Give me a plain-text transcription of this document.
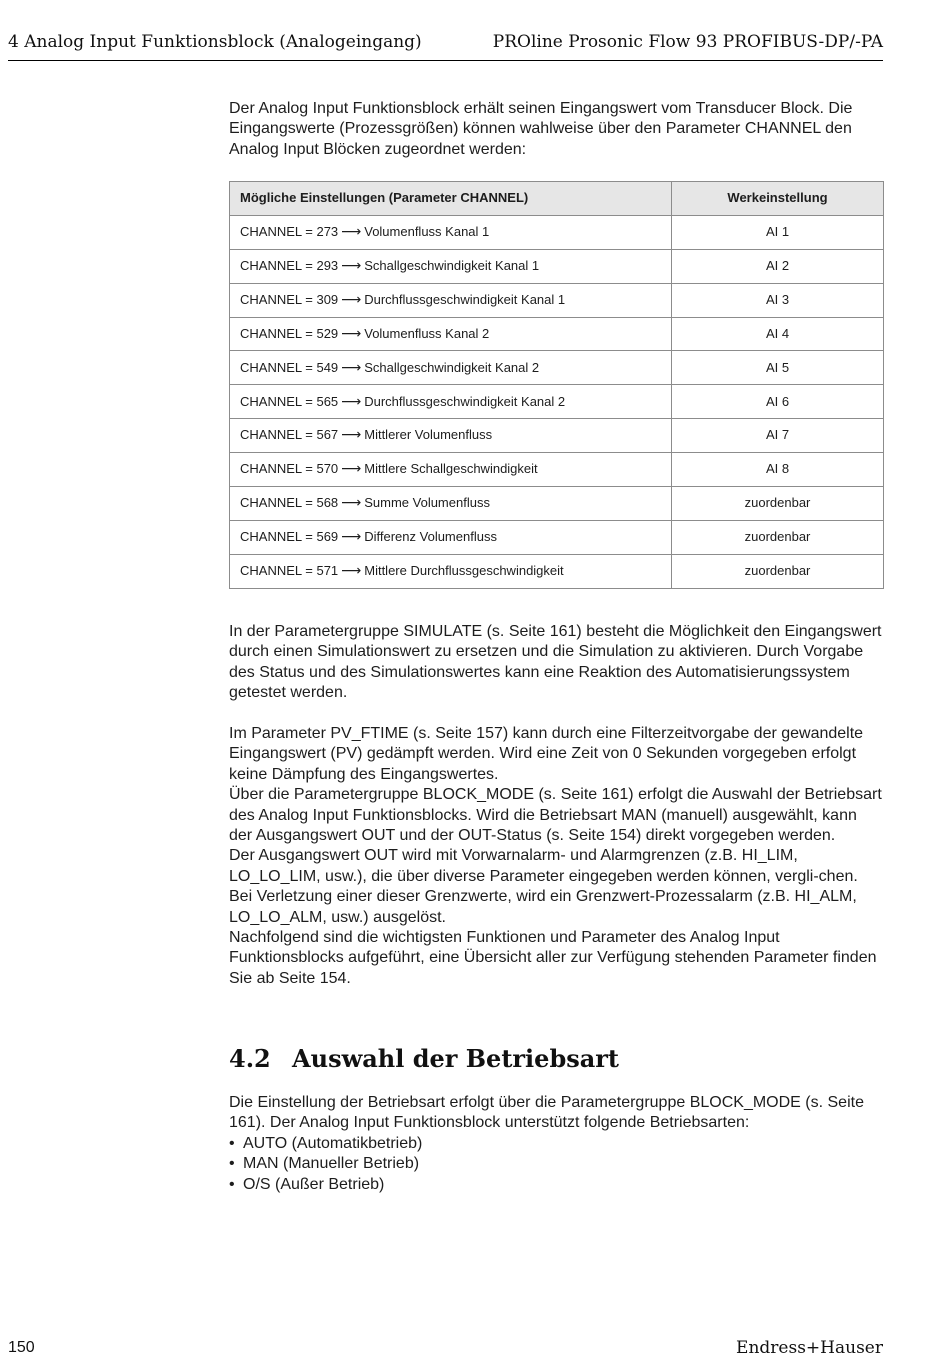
4 Analog Input Funktionsblock (Analogeingang)	PROline Prosonic Flow 93 PROFIBUS-DP/-PA

Der Analog Input Funktionsblock erhält seinen Eingangswert vom Transducer Block. Die Eingangswerte (Prozessgrößen) können wahlweise über den Parameter CHANNEL den Analog Input Blöcken zugeordnet werden:

Mögliche Einstellungen (Parameter CHANNEL)	Werkeinstellung
CHANNEL = 273 ⟶ Volumenfluss Kanal 1	AI 1
CHANNEL = 293 ⟶ Schallgeschwindigkeit Kanal 1	AI 2
CHANNEL = 309 ⟶ Durchflussgeschwindigkeit Kanal 1	AI 3
CHANNEL = 529 ⟶ Volumenfluss Kanal 2	AI 4
CHANNEL = 549 ⟶ Schallgeschwindigkeit Kanal 2	AI 5
CHANNEL = 565 ⟶ Durchflussgeschwindigkeit Kanal 2	AI 6
CHANNEL = 567 ⟶ Mittlerer Volumenfluss	AI 7
CHANNEL = 570 ⟶ Mittlere Schallgeschwindigkeit	AI 8
CHANNEL = 568 ⟶ Summe Volumenfluss	zuordenbar
CHANNEL = 569 ⟶ Differenz Volumenfluss	zuordenbar
CHANNEL = 571 ⟶ Mittlere Durchflussgeschwindigkeit	zuordenbar

In der Parametergruppe SIMULATE (s. Seite 161) besteht die Möglichkeit den Eingangswert durch einen Simulationswert zu ersetzen und die Simulation zu aktivieren. Durch Vorgabe des Status und des Simulationswertes kann eine Reaktion des Automatisierungssystem getestet werden.

Im Parameter PV_FTIME (s. Seite 157) kann durch eine Filterzeitvorgabe der gewandelte Eingangswert (PV) gedämpft werden. Wird eine Zeit von 0 Sekunden vorgegeben erfolgt keine Dämpfung des Eingangswertes.

Über die Parametergruppe BLOCK_MODE (s. Seite 161) erfolgt die Auswahl der Betriebsart des Analog Input Funktionsblocks. Wird die Betriebsart MAN (manuell) ausgewählt, kann der Ausgangswert OUT und der OUT-Status (s. Seite 154) direkt vorgegeben werden.

Der Ausgangswert OUT wird mit Vorwarnalarm- und Alarmgrenzen (z.B. HI_LIM, LO_LO_LIM, usw.), die über diverse Parameter eingegeben werden können, vergli-chen. Bei Verletzung einer dieser Grenzwerte, wird ein Grenzwert-Prozessalarm (z.B. HI_ALM, LO_LO_ALM, usw.) ausgelöst.

Nachfolgend sind die wichtigsten Funktionen und Parameter des Analog Input Funktionsblocks aufgeführt, eine Übersicht aller zur Verfügung stehenden Parameter finden Sie ab Seite 154.

4.2 Auswahl der Betriebsart

Die Einstellung der Betriebsart erfolgt über die Parametergruppe BLOCK_MODE (s. Seite 161). Der Analog Input Funktionsblock unterstützt folgende Betriebsarten:

• AUTO (Automatikbetrieb)
• MAN (Manueller Betrieb)
• O/S (Außer Betrieb)
150	Endress+Hauser
